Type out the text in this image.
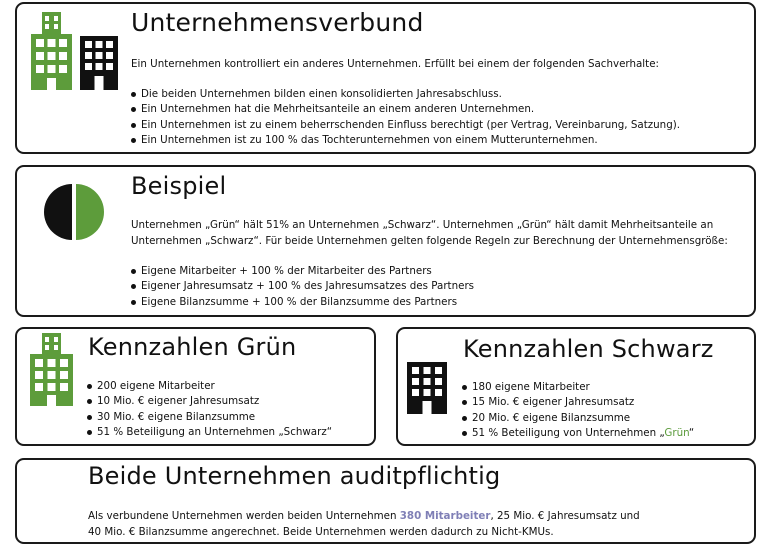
Unternehmensverbund
Ein Unternehmen kontrolliert ein anderes Unternehmen. Erfüllt bei einem der folgenden Sachverhalte:
Die beiden Unternehmen bilden einen konsolidierten Jahresabschluss.
Ein Unternehmen hat die Mehrheitsanteile an einem anderen Unternehmen.
Ein Unternehmen ist zu einem beherrschenden Einfluss berechtigt (per Vertrag, Vereinbarung, Satzung).
Ein Unternehmen ist zu 100 % das Tochterunternehmen von einem Mutterunternehmen.
Beispiel
Unternehmen „Grün“ hält 51% an Unternehmen „Schwarz“. Unternehmen „Grün“ hält damit Mehrheitsanteile an
Unternehmen „Schwarz“. Für beide Unternehmen gelten folgende Regeln zur Berechnung der Unternehmensgröße:
Eigene Mitarbeiter + 100 % der Mitarbeiter des Partners
Eigener Jahresumsatz + 100 % des Jahresumsatzes des Partners
Eigene Bilanzsumme + 100 % der Bilanzsumme des Partners
Kennzahlen Grün
200 eigene Mitarbeiter
10 Mio. € eigener Jahresumsatz
30 Mio. € eigene Bilanzsumme
51 % Beteiligung an Unternehmen „Schwarz“
Kennzahlen Schwarz
180 eigene Mitarbeiter
15 Mio. € eigener Jahresumsatz
20 Mio. € eigene Bilanzsumme
51 % Beteiligung von Unternehmen „Grün“
Beide Unternehmen auditpflichtig
Als verbundene Unternehmen werden beiden Unternehmen 380 Mitarbeiter, 25 Mio. € Jahresumsatz und
40 Mio. € Bilanzsumme angerechnet. Beide Unternehmen werden dadurch zu Nicht-KMUs.
